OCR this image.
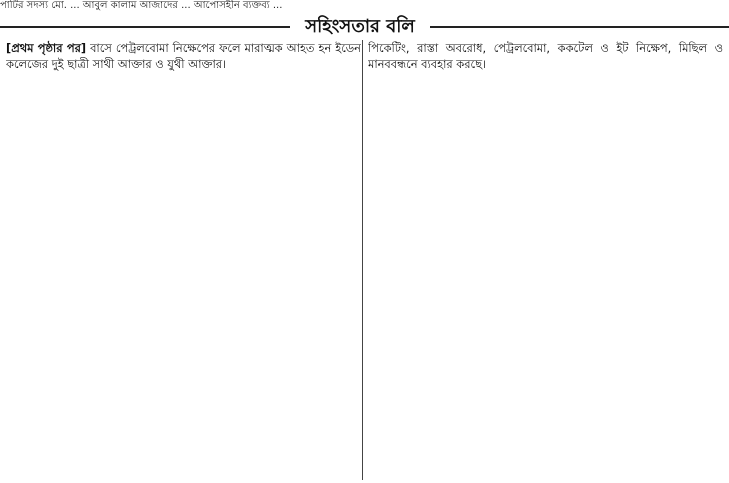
পাটির সদস্য মো. ... আবুল কালাম আজাদের ... আপোসহীন ব্যক্তব্য ...
সহিংসতার বলি

[প্রথম পৃষ্ঠার পর] বাসে পেট্রলবোমা নিক্ষেপের ফলে মারাত্মক আহত হন ইডেন কলেজের দুই ছাত্রী সাথী আক্তার ও যুথী আক্তার।

পিকেটিং, রাস্তা অবরোধ, পেট্রলবোমা, ককটেল ও ইট নিক্ষেপ, মিছিল ও মানববন্ধনে ব্যবহার করছে।
